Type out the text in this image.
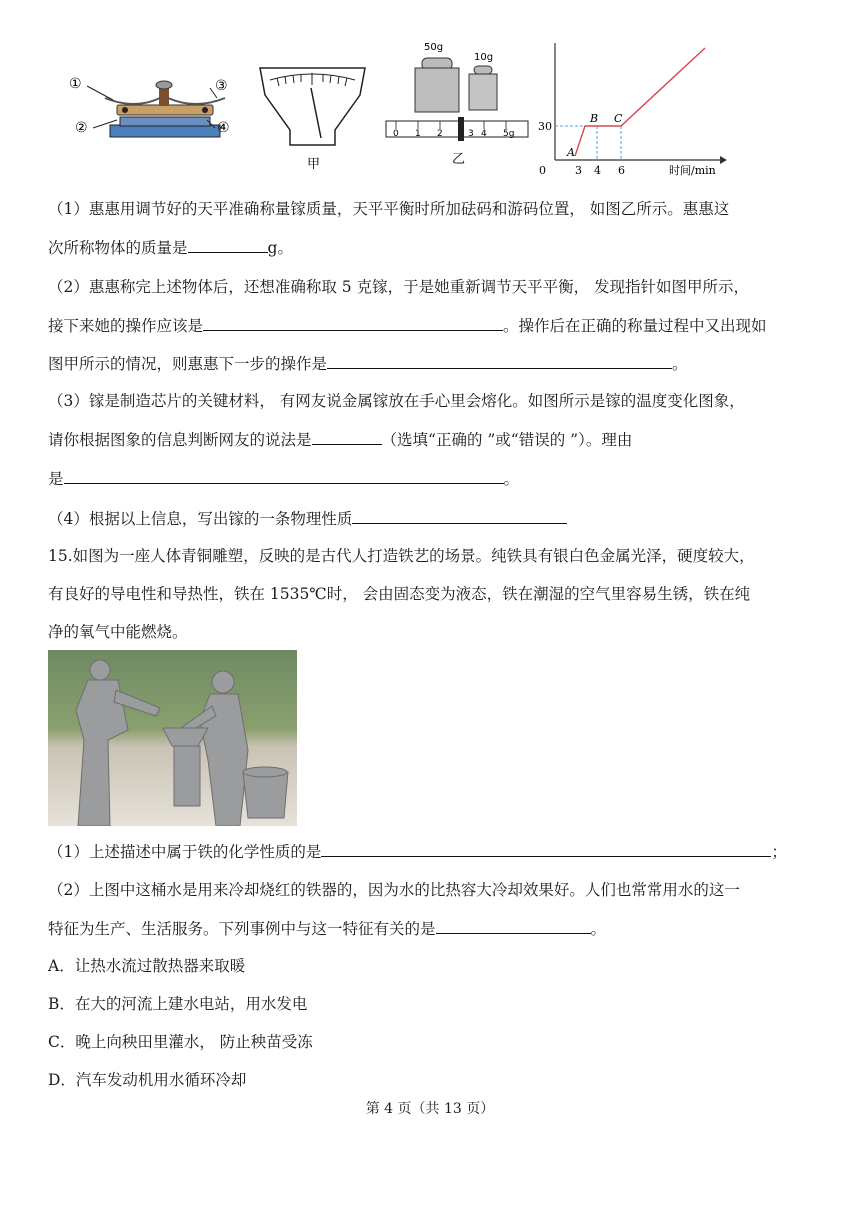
①
②
③
④
甲
50g
10g
0 1 2	3 4 5g
乙	A
B C
30
0	3 4 6	时间/min
（1）惠惠用调节好的天平准确称量镓质量，天平平衡时所加砝码和游码位置， 如图乙所示。惠惠这
次所称物体的质量是	g。
（2）惠惠称完上述物体后，还想准确称取 5 克镓，于是她重新调节天平平衡， 发现指针如图甲所示，
接下来她的操作应该是	。操作后在正确的称量过程中又出现如
图甲所示的情况，则惠惠下一步的操作是	。
（3）镓是制造芯片的关键材料， 有网友说金属镓放在手心里会熔化。如图所示是镓的温度变化图象，
请你根据图象的信息判断网友的说法是	（选填“正确的 ”或“错误的 ”）。理由
是	。
（4）根据以上信息，写出镓的一条物理性质
15.如图为一座人体青铜雕塑，反映的是古代人打造铁艺的场景。纯铁具有银白色金属光泽，硬度较大，
有良好的导电性和导热性，铁在 1535℃时， 会由固态变为液态，铁在潮湿的空气里容易生锈，铁在纯
净的氧气中能燃烧。
（1）上述描述中属于铁的化学性质的是	；
（2）上图中这桶水是用来冷却烧红的铁器的，因为水的比热容大冷却效果好。人们也常常用水的这一
特征为生产、生活服务。下列事例中与这一特征有关的是	。
A．让热水流过散热器来取暖
B．在大的河流上建水电站，用水发电
C．晚上向秧田里灌水， 防止秧苗受冻
D．汽车发动机用水循环冷却
第 4 页（共 13 页）
